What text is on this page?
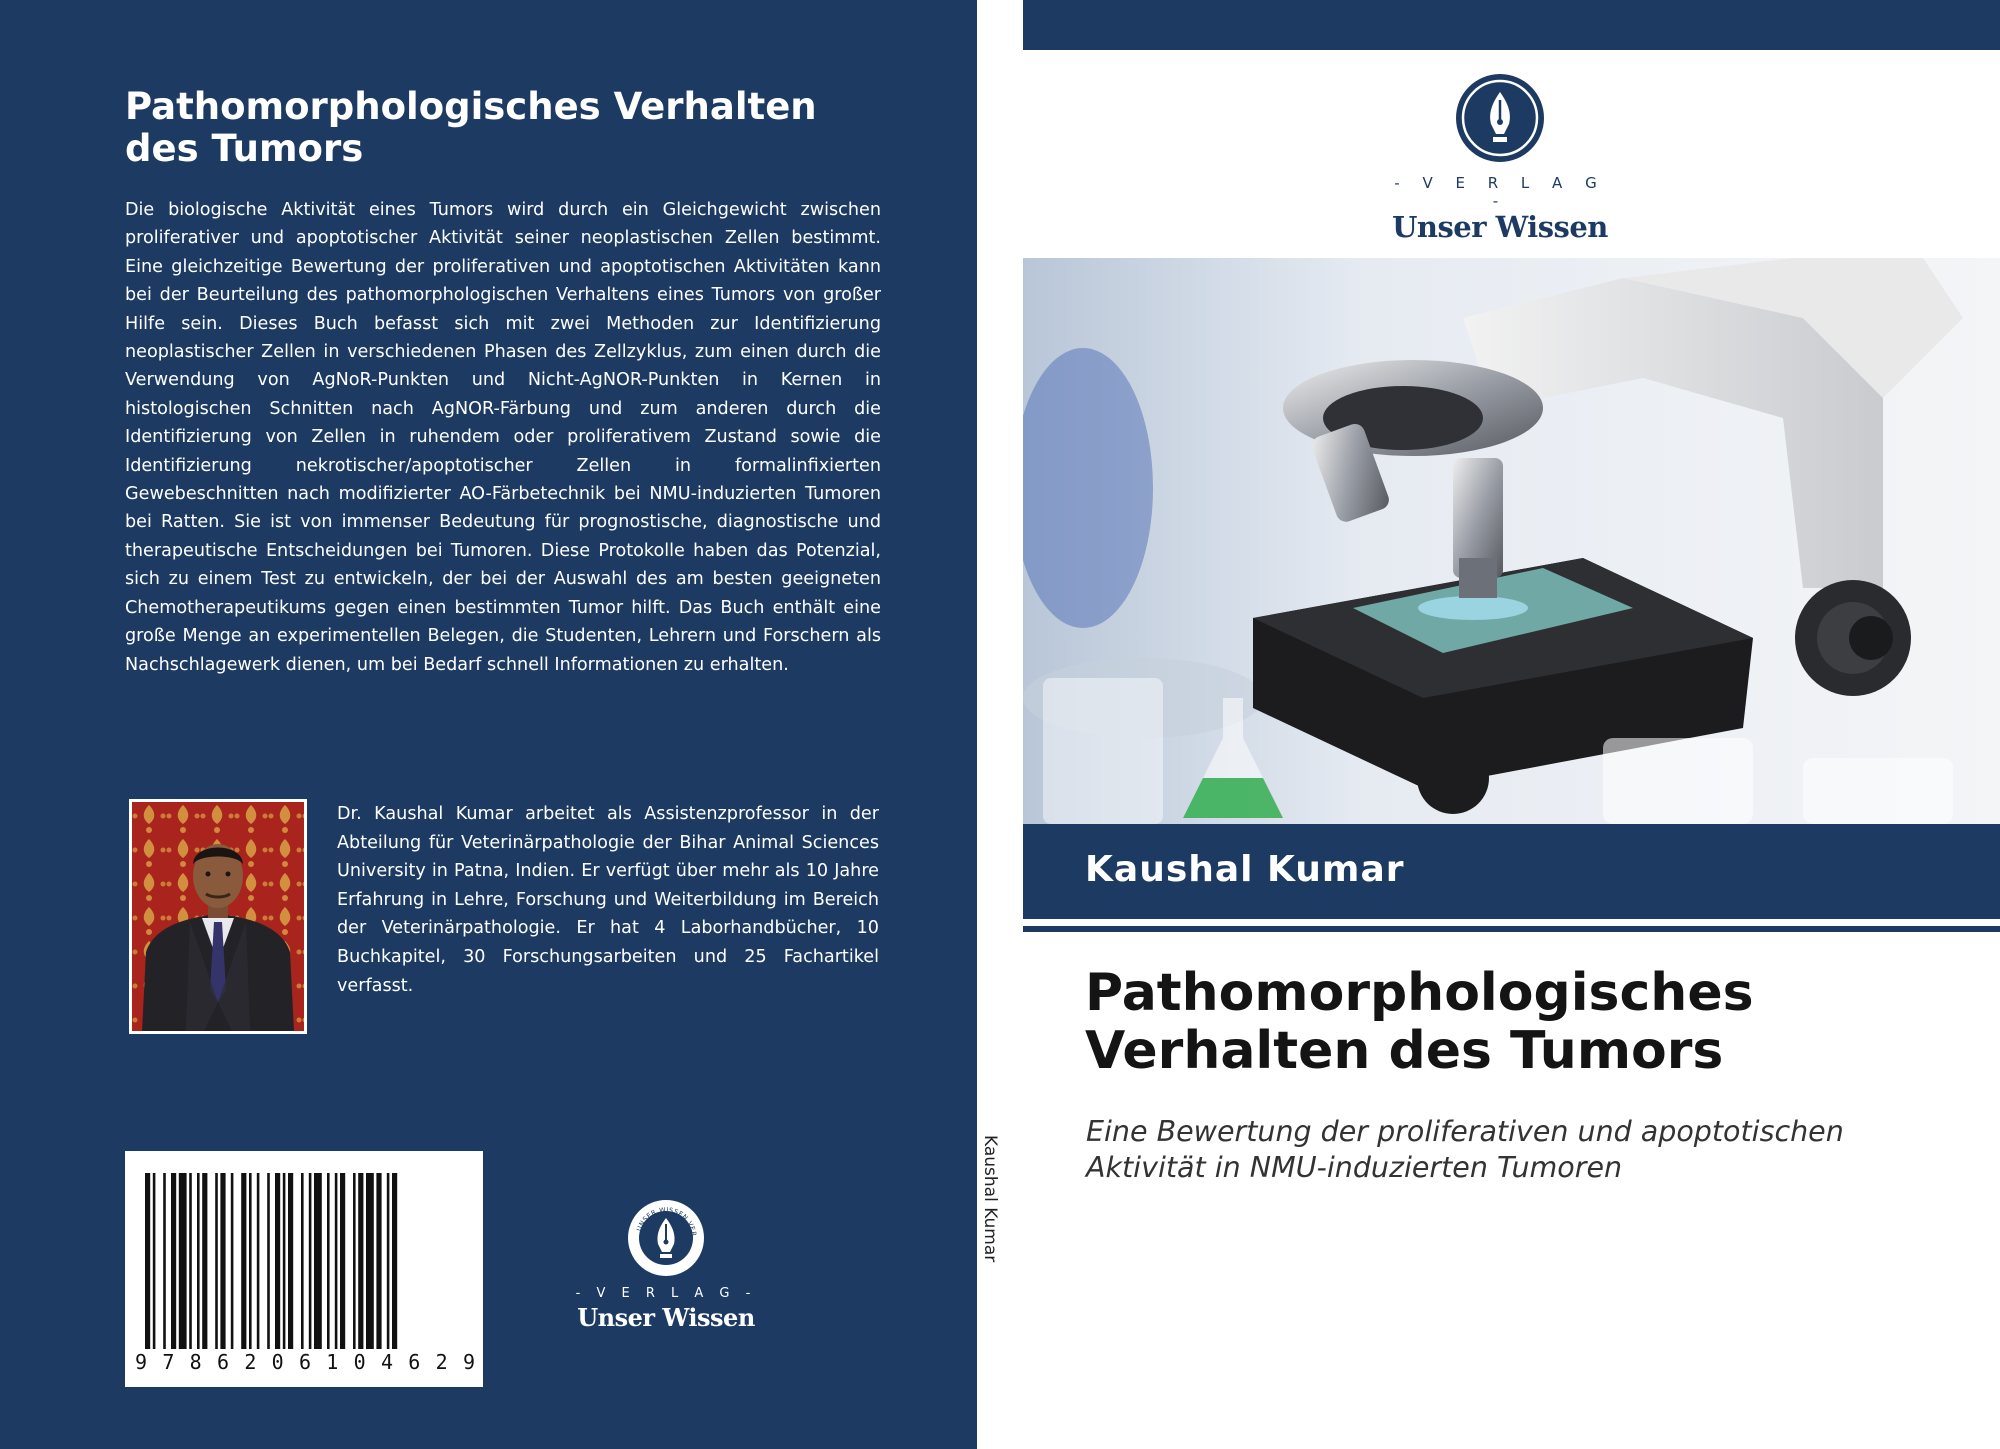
Pathomorphologisches Verhalten des Tumors

Die biologische Aktivität eines Tumors wird durch ein Gleichgewicht zwischen proliferativer und apoptotischer Aktivität seiner neoplastischen Zellen bestimmt. Eine gleichzeitige Bewertung der proliferativen und apoptotischen Aktivitäten kann bei der Beurteilung des pathomorphologischen Verhaltens eines Tumors von großer Hilfe sein. Dieses Buch befasst sich mit zwei Methoden zur Identifizierung neoplastischer Zellen in verschiedenen Phasen des Zellzyklus, zum einen durch die Verwendung von AgNoR-Punkten und Nicht-AgNOR-Punkten in Kernen in histologischen Schnitten nach AgNOR-Färbung und zum anderen durch die Identifizierung von Zellen in ruhendem oder proliferativem Zustand sowie die Identifizierung nekrotischer/apoptotischer Zellen in formalinfixierten Gewebeschnitten nach modifizierter AO-Färbetechnik bei NMU-induzierten Tumoren bei Ratten. Sie ist von immenser Bedeutung für prognostische, diagnostische und therapeutische Entscheidungen bei Tumoren. Diese Protokolle haben das Potenzial, sich zu einem Test zu entwickeln, der bei der Auswahl des am besten geeigneten Chemotherapeutikums gegen einen bestimmten Tumor hilft. Das Buch enthält eine große Menge an experimentellen Belegen, die Studenten, Lehrern und Forschern als Nachschlagewerk dienen, um bei Bedarf schnell Informationen zu erhalten.

Dr. Kaushal Kumar arbeitet als Assistenzprofessor in der Abteilung für Veterinärpathologie der Bihar Animal Sciences University in Patna, Indien. Er verfügt über mehr als 10 Jahre Erfahrung in Lehre, Forschung und Weiterbildung im Bereich der Veterinärpathologie. Er hat 4 Laborhandbücher, 10 Buchkapitel, 30 Forschungsarbeiten und 25 Fachartikel verfasst.

9 7 8 6 2 0 6 1 0 4 6 2 9
UNSER WISSEN VER
- V E R L A G -
Unser Wissen
Kaushal Kumar
- V E R L A G -
Unser Wissen
Kaushal Kumar
Pathomorphologisches Verhalten des Tumors

Eine Bewertung der proliferativen und apoptotischen Aktivität in NMU-induzierten Tumoren
